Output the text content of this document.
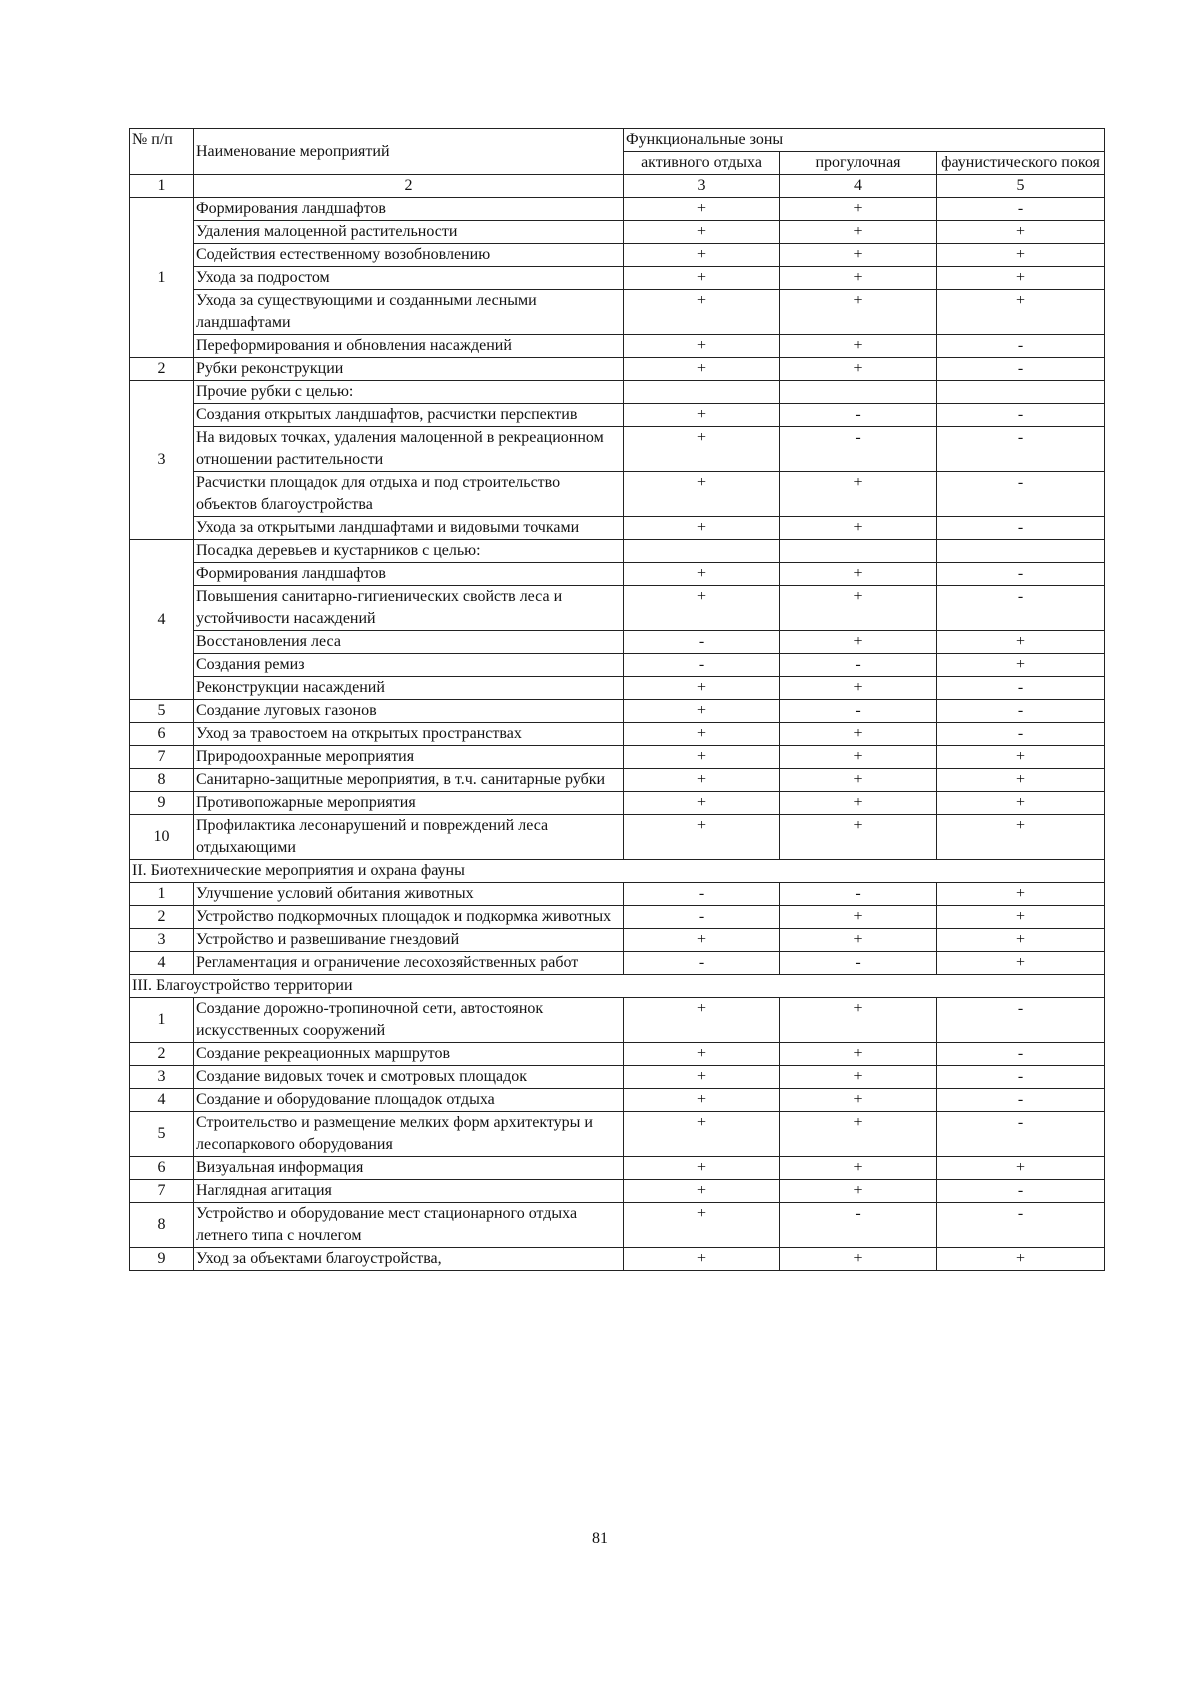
№ п/п	Наименование мероприятий	Функциональные зоны		
		активного отдыха	прогулочная	фаунистического покоя
1	2	3	4	5
1	Формирования ландшафтов	+	+	-
	Удаления малоценной растительности	+	+	+
	Содействия естественному возобновлению	+	+	+
	Ухода за подростом	+	+	+
	Ухода за существующими и созданными лесными ландшафтами	+	+	+
	Переформирования и обновления насаждений	+	+	-
2	Рубки реконструкции	+	+	-
3	Прочие рубки с целью:			
	Создания открытых ландшафтов, расчистки перспектив	+	-	-
	На видовых точках, удаления малоценной в рекреационном отношении растительности	+	-	-
	Расчистки площадок для отдыха и под строительство объектов благоустройства	+	+	-
	Ухода за открытыми ландшафтами и видовыми точками	+	+	-
4	Посадка деревьев и кустарников с целью:			
	Формирования ландшафтов	+	+	-
	Повышения санитарно-гигиенических свойств леса и устойчивости насаждений	+	+	-
	Восстановления леса	-	+	+
	Создания ремиз	-	-	+
	Реконструкции насаждений	+	+	-
5	Создание луговых газонов	+	-	-
6	Уход за травостоем на открытых пространствах	+	+	-
7	Природоохранные мероприятия	+	+	+
8	Санитарно-защитные мероприятия, в т.ч. санитарные рубки	+	+	+
9	Противопожарные мероприятия	+	+	+
10	Профилактика лесонарушений и повреждений леса отдыхающими	+	+	+
II. Биотехнические мероприятия и охрана фауны				
1	Улучшение условий обитания животных	-	-	+
2	Устройство подкормочных площадок и подкормка животных	-	+	+
3	Устройство и развешивание гнездовий	+	+	+
4	Регламентация и ограничение лесохозяйственных работ	-	-	+
III. Благоустройство территории				
1	Создание дорожно-тропиночной сети, автостоянок искусственных сооружений	+	+	-
2	Создание рекреационных маршрутов	+	+	-
3	Создание видовых точек и смотровых площадок	+	+	-
4	Создание и оборудование площадок отдыха	+	+	-
5	Строительство и размещение мелких форм архитектуры и лесопаркового оборудования	+	+	-
6	Визуальная информация	+	+	+
7	Наглядная агитация	+	+	-
8	Устройство и оборудование мест стационарного отдыха летнего типа с ночлегом	+	-	-
9	Уход за объектами благоустройства,	+	+	+
81
